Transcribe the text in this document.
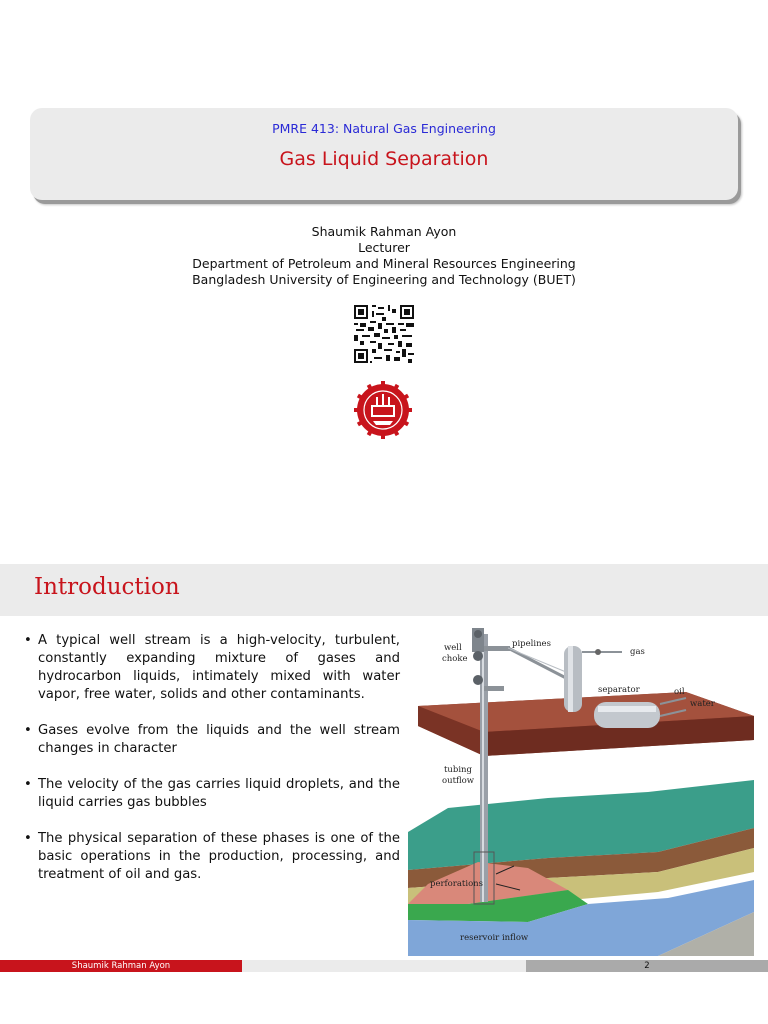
PMRE 413: Natural Gas Engineering
Gas Liquid Separation
Shaumik Rahman Ayon
Lecturer
Department of Petroleum and Mineral Resources Engineering
Bangladesh University of Engineering and Technology (BUET)
Introduction
• A typical well stream is a high-velocity, turbulent, constantly expanding mixture of gases and hydrocarbon liquids, intimately mixed with water vapor, free water, solids and other contaminants.
• Gases evolve from the liquids and the well stream changes in character
• The velocity of the gas carries liquid droplets, and the liquid carries gas bubbles
• The physical separation of these phases is one of the basic operations in the production, processing, and treatment of oil and gas.
well
choke
pipelines
gas
separator	oil
water
tubing
outflow
perforations
reservoir inflow
Shaumik Rahman Ayon	2
